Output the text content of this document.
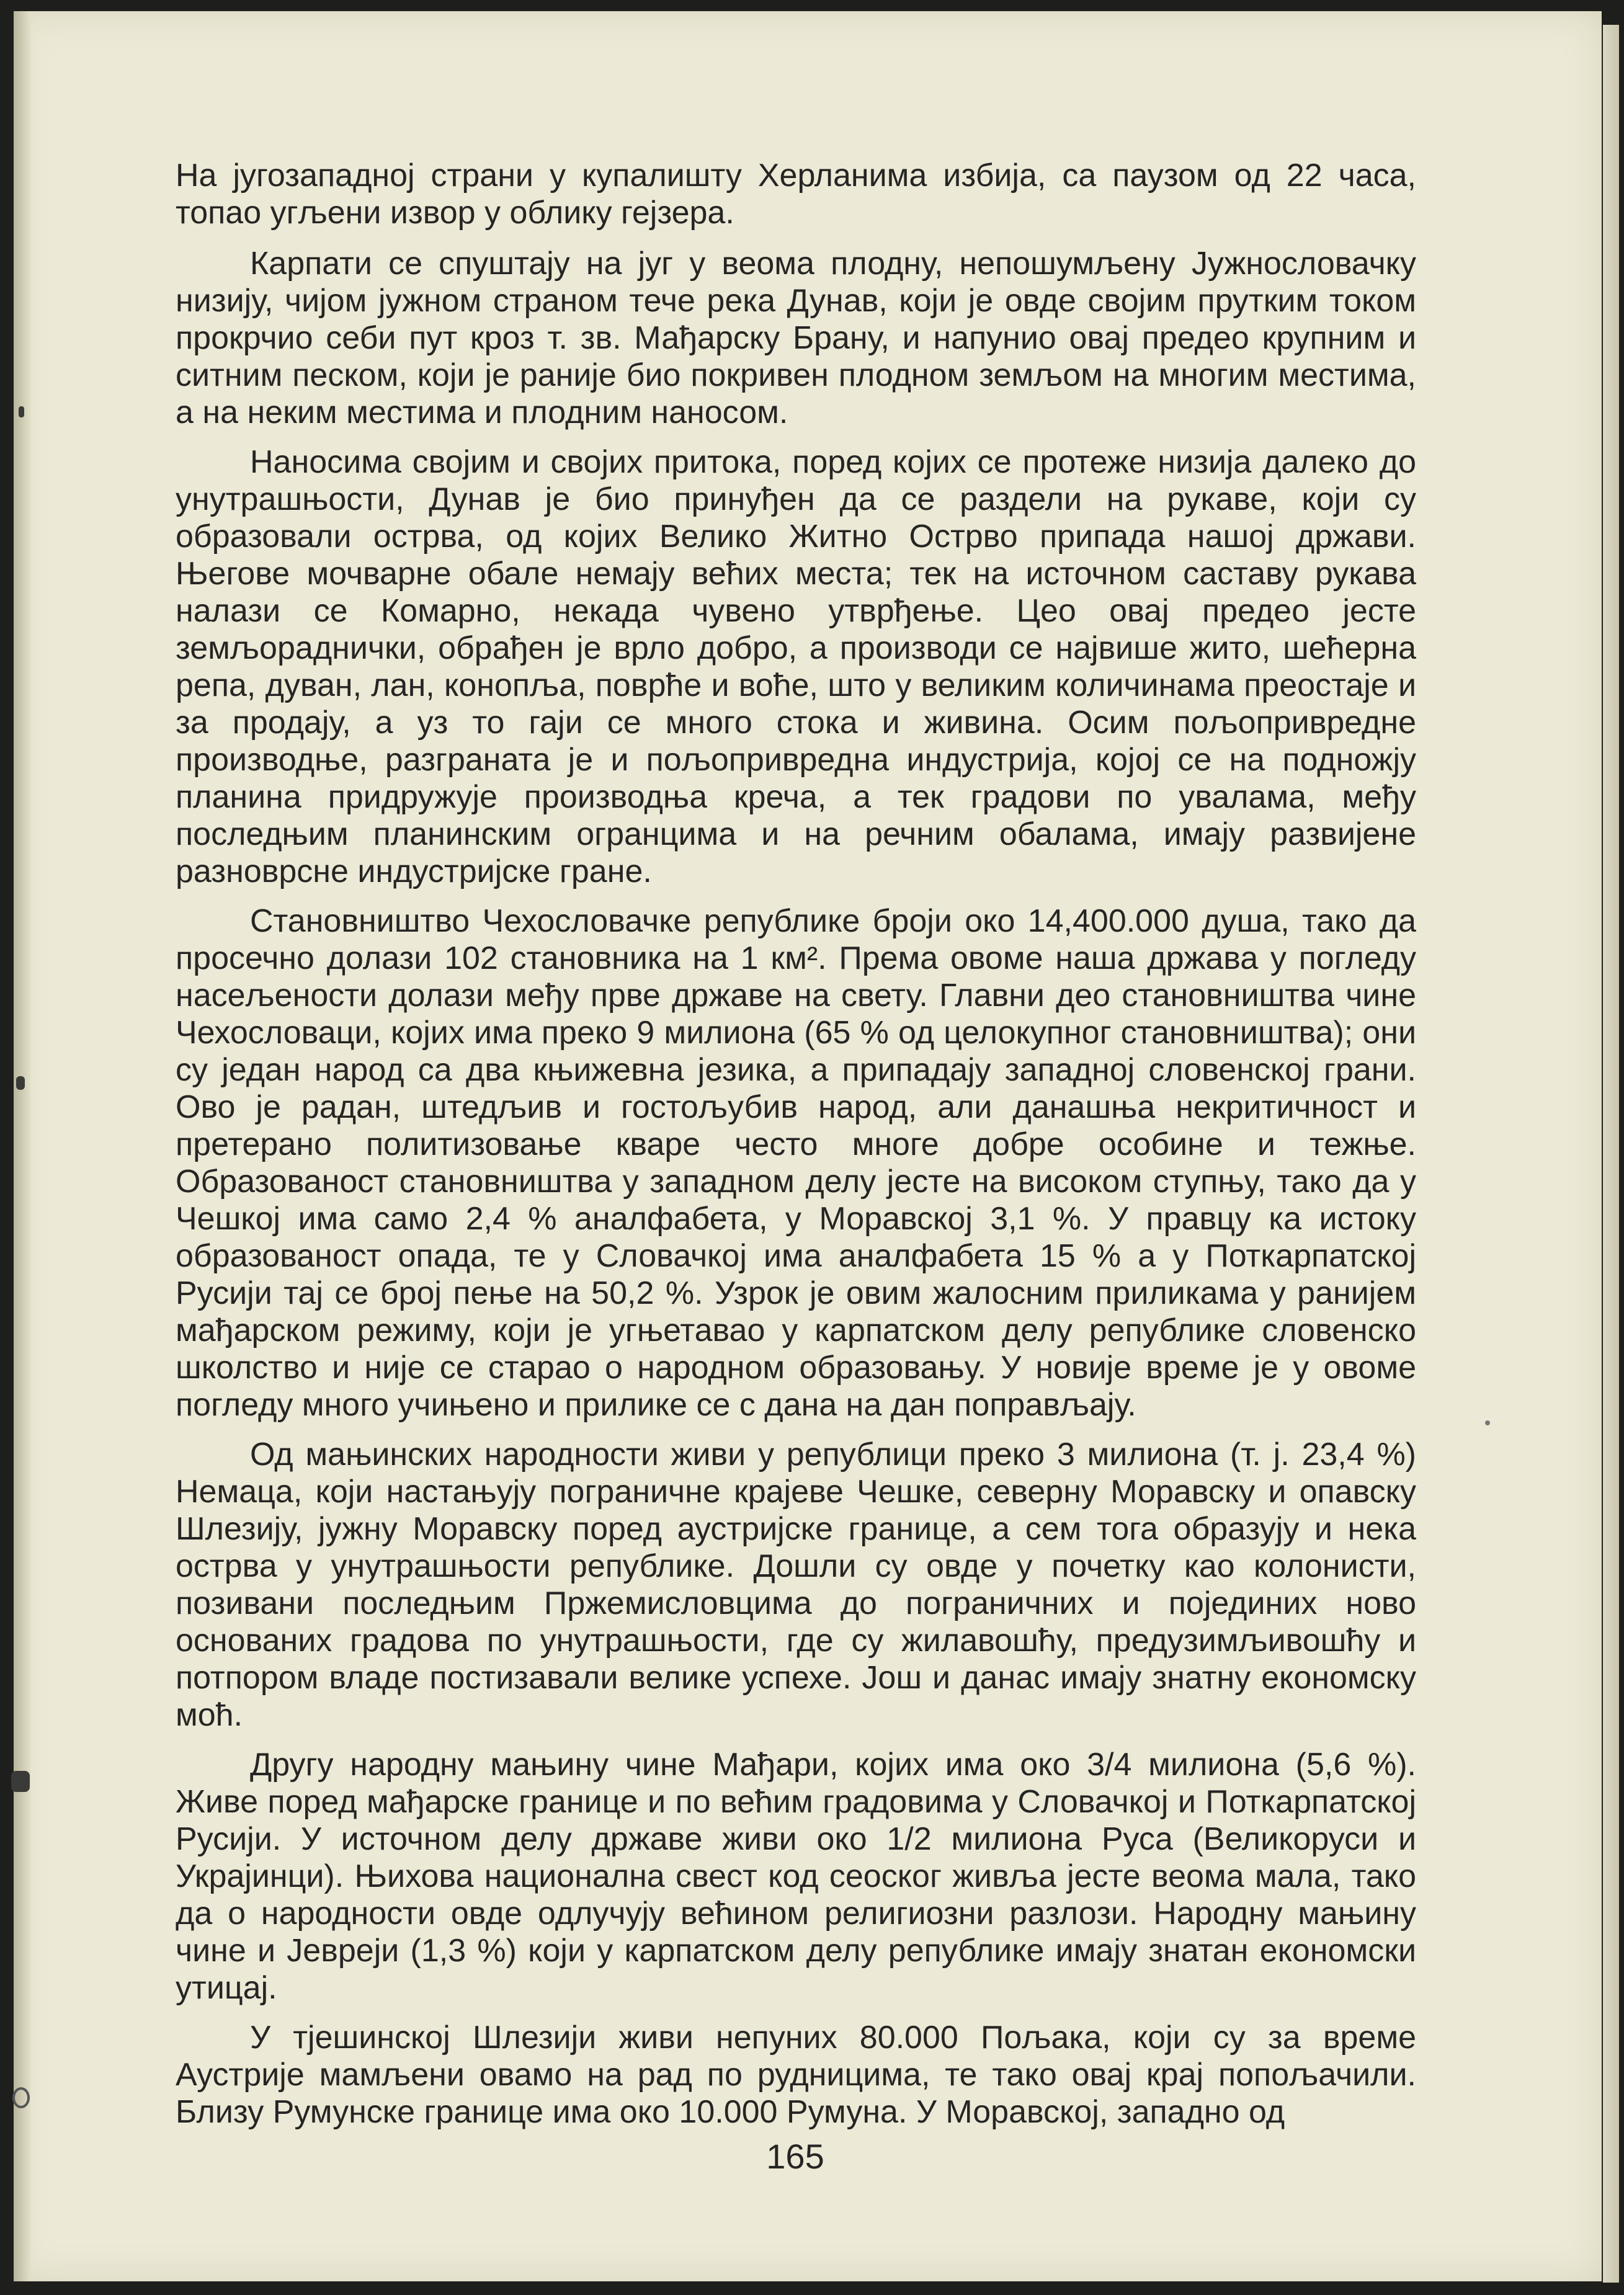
На југозападној страни у купалишту Херланима избија, са паузом од 22 часа, топао угљени извор у облику гејзера.

Карпати се спуштају на југ у веома плодну, непошумљену Јужнословачку низију, чијом јужном страном тече река Дунав, који је овде својим прутким током прокрчио себи пут кроз т. зв. Мађарску Брану, и напунио овај предео крупним и ситним песком, који је раније био покривен плодном земљом на многим местима, а на неким местима и плодним наносом.

Наносима својим и својих притока, поред којих се протеже низија далеко до унутрашњости, Дунав је био принуђен да се раздели на рукаве, који су образовали острва, од којих Велико Житно Острво припада нашој држави. Његове мочварне обале немају већих места; тек на источном саставу рукава налази се Комарно, некада чувено утврђење. Цео овај предео јесте земљораднички, обрађен је врло добро, а производи се највише жито, шећерна репа, дуван, лан, конопља, поврће и воће, што у великим количинама преостаје и за продају, а уз то гаји се много стока и живина. Осим пољопривредне производње, разграната је и пољопривредна индустрија, којој се на подножју планина придружује производња креча, а тек градови по увалама, међу последњим планинским огранцима и на речним обалама, имају развијене разноврсне индустријске гране.

Становништво Чехословачке републике броји око 14,400.000 душа, тако да просечно долази 102 становника на 1 км². Према овоме наша држава у погледу насељености долази међу прве државе на свету. Главни део становништва чине Чехословаци, којих има преко 9 милиона (65 % од целокупног становништва); они су један народ са два књижевна језика, а припадају западној словенској грани. Ово је радан, штедљив и гостољубив народ, али данашња некритичност и претерано политизовање кваре често многе добре особине и тежње. Образованост становништва у западном делу јесте на високом ступњу, тако да у Чешкој има само 2,4 % аналфабета, у Моравској 3,1 %. У правцу ка истоку образованост опада, те у Словачкој има аналфабета 15 % а у Поткарпатској Русији тај се број пење на 50,2 %. Узрок је овим жалосним приликама у ранијем мађарском режиму, који је угњетавао у карпатском делу републике словенско школство и није се старао о народном образовању. У новије време је у овоме погледу много учињено и прилике се с дана на дан поправљају.

Од мањинских народности живи у републици преко 3 милиона (т. ј. 23,4 %) Немаца, који настањују пограничне крајеве Чешке, северну Моравску и опавску Шлезију, јужну Моравску поред аустријске границе, а сем тога образују и нека острва у унутрашњости републике. Дошли су овде у почетку као колонисти, позивани последњим Пржемисловцима до пограничних и појединих ново основаних градова по унутрашњости, где су жилавошћу, предузимљивошћу и потпором владе постизавали велике успехе. Још и данас имају знатну економску моћ.

Другу народну мањину чине Мађари, којих има око 3/4 милиона (5,6 %). Живе поред мађарске границе и по већим градовима у Словачкој и Поткарпатској Русији. У источном делу државе живи око 1/2 милиона Руса (Великоруси и Украјинци). Њихова национална свест код сеоског живља јесте веома мала, тако да о народности овде одлучују већином религиозни разлози. Народну мањину чине и Јевреји (1,3 %) који у карпатском делу републике имају знатан економски утицај.

У тјешинској Шлезији живи непуних 80.000 Пољака, који су за време Аустрије мамљени овамо на рад по рудницима, те тако овај крај попољачили. Близу Румунске границе има око 10.000 Румуна. У Моравској, западно од

165
